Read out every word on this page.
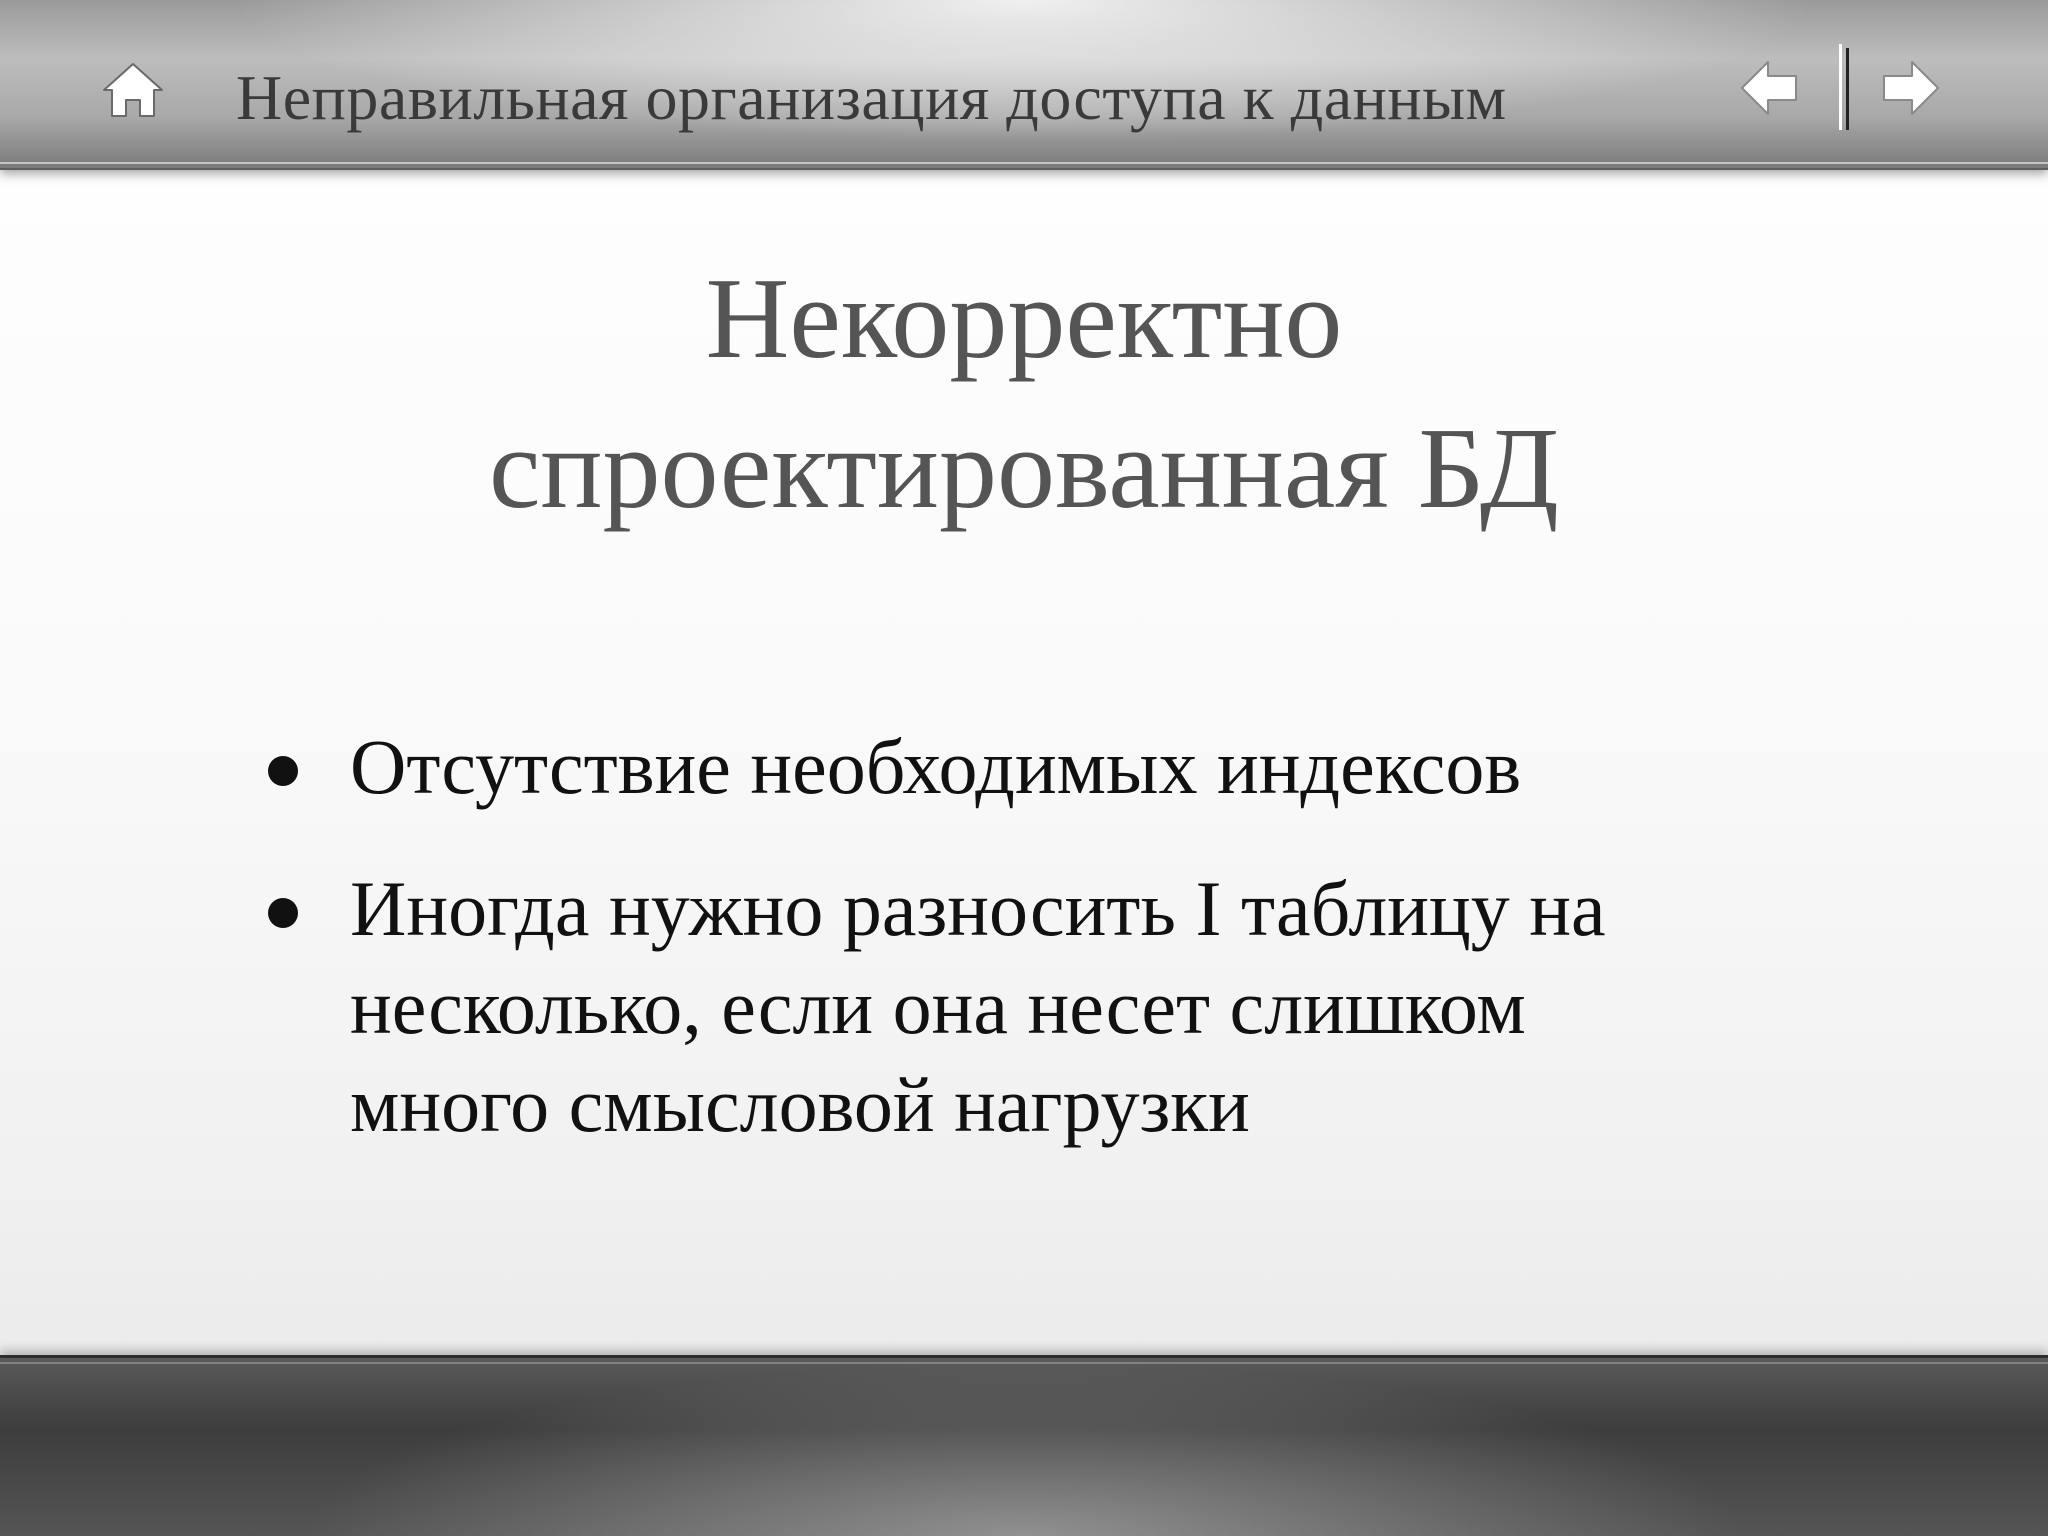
Неправильная организация доступа к данным
Некорректно
спроектированная БД
Отсутствие необходимых индексов
Иногда нужно разносить I таблицу на
несколько, если она несет слишком
много смысловой нагрузки
